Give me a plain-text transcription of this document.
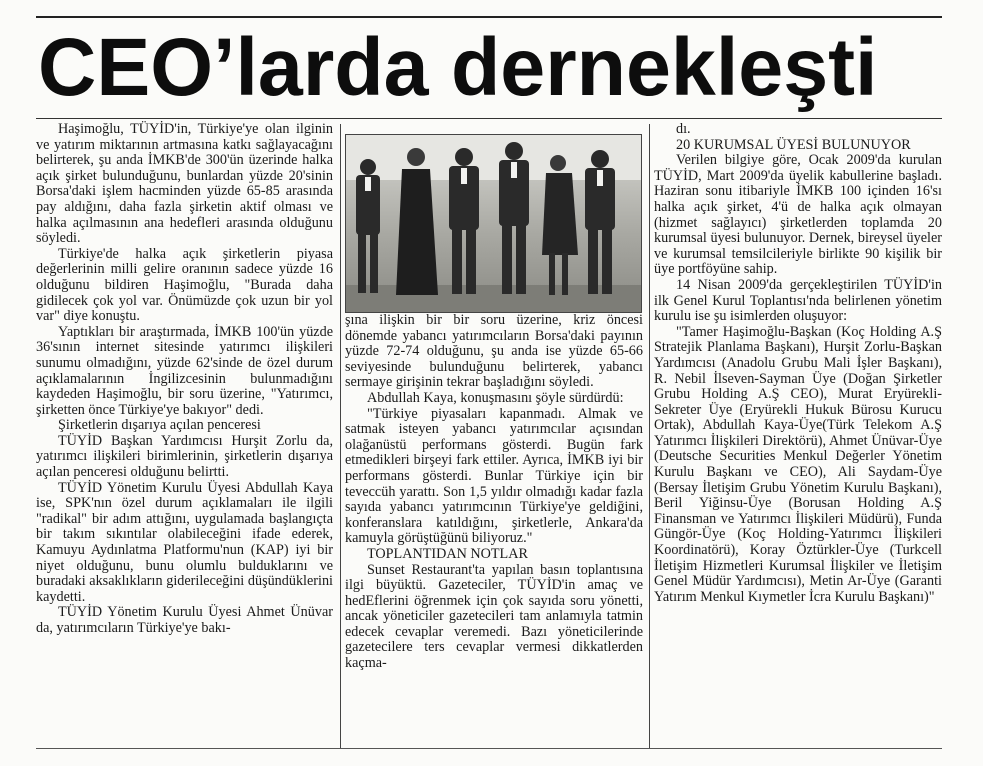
CEO’larda dernekleşti

Haşimoğlu, TÜYİD'in, Türkiye'ye olan ilginin ve yatırım miktarının artmasına katkı sağlayacağını belirterek, şu anda İMKB'de 300'ün üzerinde halka açık şirket bulunduğunu, bunlardan yüzde 20'sinin Borsa'daki işlem hacminden yüzde 65-85 arasında pay aldığını, daha fazla şirketin aktif olması ve halka açılmasının ana hedefleri arasında olduğunu söyledi.

Türkiye'de halka açık şirketlerin piyasa değerlerinin milli gelire oranının sadece yüzde 16 olduğunu bildiren Haşimoğlu, "Burada daha gidilecek çok yol var. Önümüzde çok uzun bir yol var" diye konuştu.

Yaptıkları bir araştırmada, İMKB 100'ün yüzde 36'sının internet sitesinde yatırımcı ilişkileri sunumu olmadığını, yüzde 62'sinde de özel durum açıklamalarının İngilizcesinin bulunmadığını kaydeden Haşimoğlu, bir soru üzerine, "Yatırımcı, şirketten önce Türkiye'ye bakıyor" dedi.

Şirketlerin dışarıya açılan penceresi

TÜYİD Başkan Yardımcısı Hurşit Zorlu da, yatırımcı ilişkileri birimlerinin, şirketlerin dışarıya açılan penceresi olduğunu belirtti.

TÜYİD Yönetim Kurulu Üyesi Abdullah Kaya ise, SPK'nın özel durum açıklamaları ile ilgili "radikal" bir adım attığını, uygulamada başlangıçta bir takım sıkıntılar olabileceğini ifade ederek, Kamuyu Aydınlatma Platformu'nun (KAP) iyi bir niyet olduğunu, bunu olumlu bulduklarını ve buradaki aksaklıkların giderileceğini düşündüklerini kaydetti.

TÜYİD Yönetim Kurulu Üyesi Ahmet Ünüvar da, yatırımcıların Türkiye'ye bakı-

şına ilişkin bir bir soru üzerine, kriz öncesi dönemde yabancı yatırımcıların Borsa'daki payının yüzde 72-74 olduğunu, şu anda ise yüzde 65-66 seviyesinde bulunduğunu belirterek, yabancı sermaye girişinin tekrar başladığını söyledi.

Abdullah Kaya, konuşmasını şöyle sürdürdü:

"Türkiye piyasaları kapanmadı. Almak ve satmak isteyen yabancı yatırımcılar açısından olağanüstü performans gösterdi. Bugün fark etmedikleri birşeyi fark ettiler. Ayrıca, İMKB iyi bir performans gösterdi. Bunlar Türkiye için bir teveccüh yarattı. Son 1,5 yıldır olmadığı kadar fazla sayıda yabancı yatırımcının Türkiye'ye geldiğini, konferanslara katıldığını, şirketlerle, Ankara'da kamuyla görüştüğünü biliyoruz."

TOPLANTIDAN NOTLAR

Sunset Restaurant'ta yapılan basın toplantısına ilgi büyüktü. Gazeteciler, TÜYİD'in amaç ve hedEflerini öğrenmek için çok sayıda soru yönetti, ancak yöneticiler gazetecileri tam anlamıyla tatmin edecek cevaplar veremedi. Bazı yöneticilerinde gazetecilere ters cevaplar vermesi dikkatlerden kaçma-

dı.

20 KURUMSAL ÜYESİ BULUNUYOR

Verilen bilgiye göre, Ocak 2009'da kurulan TÜYİD, Mart 2009'da üyelik kabullerine başladı. Haziran sonu itibariyle İMKB 100 içinden 16'sı halka açık şirket, 4'ü de halka açık olmayan (hizmet sağlayıcı) şirketlerden toplamda 20 kurumsal üyesi bulunuyor. Dernek, bireysel üyeler ve kurumsal temsilcileriyle birlikte 90 kişilik bir üye portföyüne sahip.

14 Nisan 2009'da gerçekleştirilen TÜYİD'in ilk Genel Kurul Toplantısı'nda belirlenen yönetim kurulu ise şu isimlerden oluşuyor:

"Tamer Haşimoğlu-Başkan (Koç Holding A.Ş Stratejik Planlama Başkanı), Hurşit Zorlu-Başkan Yardımcısı (Anadolu Grubu Mali İşler Başkanı), R. Nebil İlseven-Sayman Üye (Doğan Şirketler Grubu Holding A.Ş CEO), Murat Eryürekli-Sekreter Üye (Eryürekli Hukuk Bürosu Kurucu Ortak), Abdullah Kaya-Üye(Türk Telekom A.Ş Yatırımcı İlişkileri Direktörü), Ahmet Ünüvar-Üye (Deutsche Securities Menkul Değerler Yönetim Kurulu Başkanı ve CEO), Ali Saydam-Üye (Bersay İletişim Grubu Yönetim Kurulu Başkanı), Beril Yiğinsu-Üye (Borusan Holding A.Ş Finansman ve Yatırımcı İlişkileri Müdürü), Funda Güngör-Üye (Koç Holding-Yatırımcı İlişkileri Koordinatörü), Koray Öztürkler-Üye (Turkcell İletişim Hizmetleri Kurumsal İlişkiler ve İletişim Genel Müdür Yardımcısı), Metin Ar-Üye (Garanti Yatırım Menkul Kıymetler İcra Kurulu Başkanı)"
